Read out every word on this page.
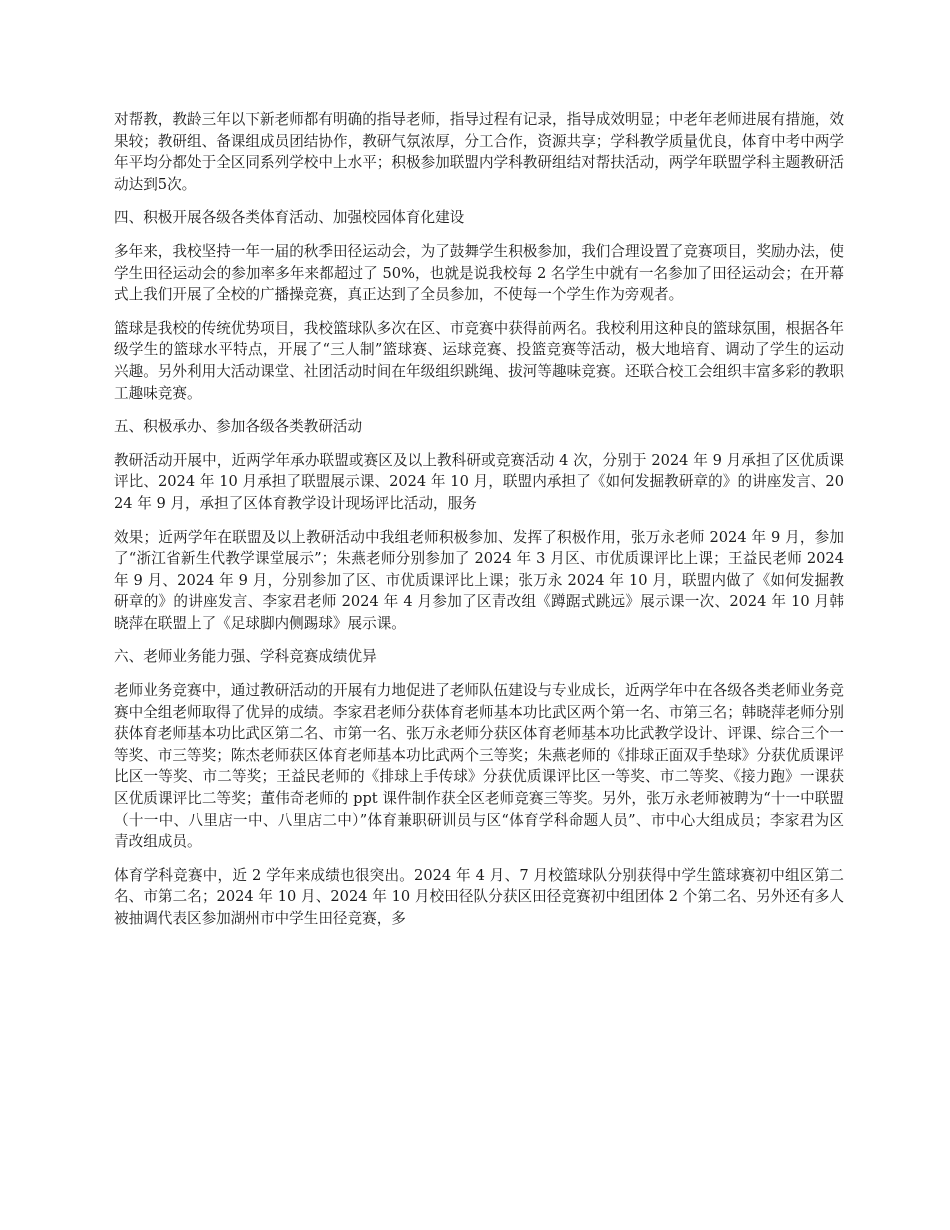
对帮教，教龄三年以下新老师都有明确的指导老师，指导过程有记录，指导成效明显；中老年老师进展有措施，效果较；教研组、备课组成员团结协作，教研气氛浓厚，分工合作，资源共享；学科教学质量优良，体育中考中两学年平均分都处于全区同系列学校中上水平；积极参加联盟内学科教研组结对帮扶活动，两学年联盟学科主题教研活动达到5次。

四、积极开展各级各类体育活动、加强校园体育化建设

多年来，我校坚持一年一届的秋季田径运动会，为了鼓舞学生积极参加，我们合理设置了竞赛项目，奖励办法，使学生田径运动会的参加率多年来都超过了 50%，也就是说我校每 2 名学生中就有一名参加了田径运动会；在开幕式上我们开展了全校的广播操竞赛，真正达到了全员参加，不使每一个学生作为旁观者。

篮球是我校的传统优势项目，我校篮球队多次在区、市竞赛中获得前两名。我校利用这种良的篮球氛围，根据各年级学生的篮球水平特点，开展了“三人制”篮球赛、运球竞赛、投篮竞赛等活动，极大地培育、调动了学生的运动兴趣。另外利用大活动课堂、社团活动时间在年级组织跳绳、拔河等趣味竞赛。还联合校工会组织丰富多彩的教职工趣味竞赛。

五、积极承办、参加各级各类教研活动

教研活动开展中，近两学年承办联盟或赛区及以上教科研或竞赛活动 4 次，分别于 2024 年 9 月承担了区优质课评比、2024 年 10 月承担了联盟展示课、2024 年 10 月，联盟内承担了《如何发掘教研章的》的讲座发言、2024 年 9 月，承担了区体育教学设计现场评比活动，服务

效果；近两学年在联盟及以上教研活动中我组老师积极参加、发挥了积极作用，张万永老师 2024 年 9 月，参加了“浙江省新生代教学课堂展示”；朱燕老师分别参加了 2024 年 3 月区、市优质课评比上课；王益民老师 2024 年 9 月、2024 年 9 月，分别参加了区、市优质课评比上课；张万永 2024 年 10 月，联盟内做了《如何发掘教研章的》的讲座发言、李家君老师 2024 年 4 月参加了区青改组《蹲踞式跳远》展示课一次、2024 年 10 月韩晓萍在联盟上了《足球脚内侧踢球》展示课。

六、老师业务能力强、学科竞赛成绩优异

老师业务竞赛中，通过教研活动的开展有力地促进了老师队伍建设与专业成长，近两学年中在各级各类老师业务竞赛中全组老师取得了优异的成绩。李家君老师分获体育老师基本功比武区两个第一名、市第三名；韩晓萍老师分别获体育老师基本功比武区第二名、市第一名、张万永老师分获区体育老师基本功比武教学设计、评课、综合三个一等奖、市三等奖；陈杰老师获区体育老师基本功比武两个三等奖；朱燕老师的《排球正面双手垫球》分获优质课评比区一等奖、市二等奖；王益民老师的《排球上手传球》分获优质课评比区一等奖、市二等奖、《接力跑》一课获区优质课评比二等奖；董伟奇老师的 ppt 课件制作获全区老师竞赛三等奖。另外，张万永老师被聘为“十一中联盟（十一中、八里店一中、八里店二中）”体育兼职研训员与区“体育学科命题人员”、市中心大组成员；李家君为区青改组成员。

体育学科竞赛中，近 2 学年来成绩也很突出。2024 年 4 月、7 月校篮球队分别获得中学生篮球赛初中组区第二名、市第二名；2024 年 10 月、2024 年 10 月校田径队分获区田径竞赛初中组团体 2 个第二名、另外还有多人被抽调代表区参加湖州市中学生田径竞赛，多
